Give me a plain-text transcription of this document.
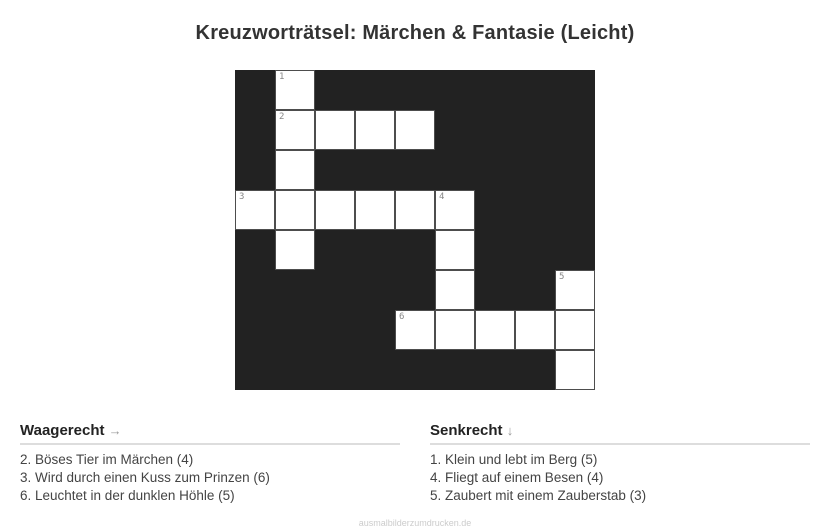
Kreuzworträtsel: Märchen & Fantasie (Leicht)
1
2
3	4
5
6
Waagerecht →
2. Böses Tier im Märchen (4)
3. Wird durch einen Kuss zum Prinzen (6)
6. Leuchtet in der dunklen Höhle (5)
Senkrecht ↓
1. Klein und lebt im Berg (5)
4. Fliegt auf einem Besen (4)
5. Zaubert mit einem Zauberstab (3)
ausmalbilderzumdrucken.de
